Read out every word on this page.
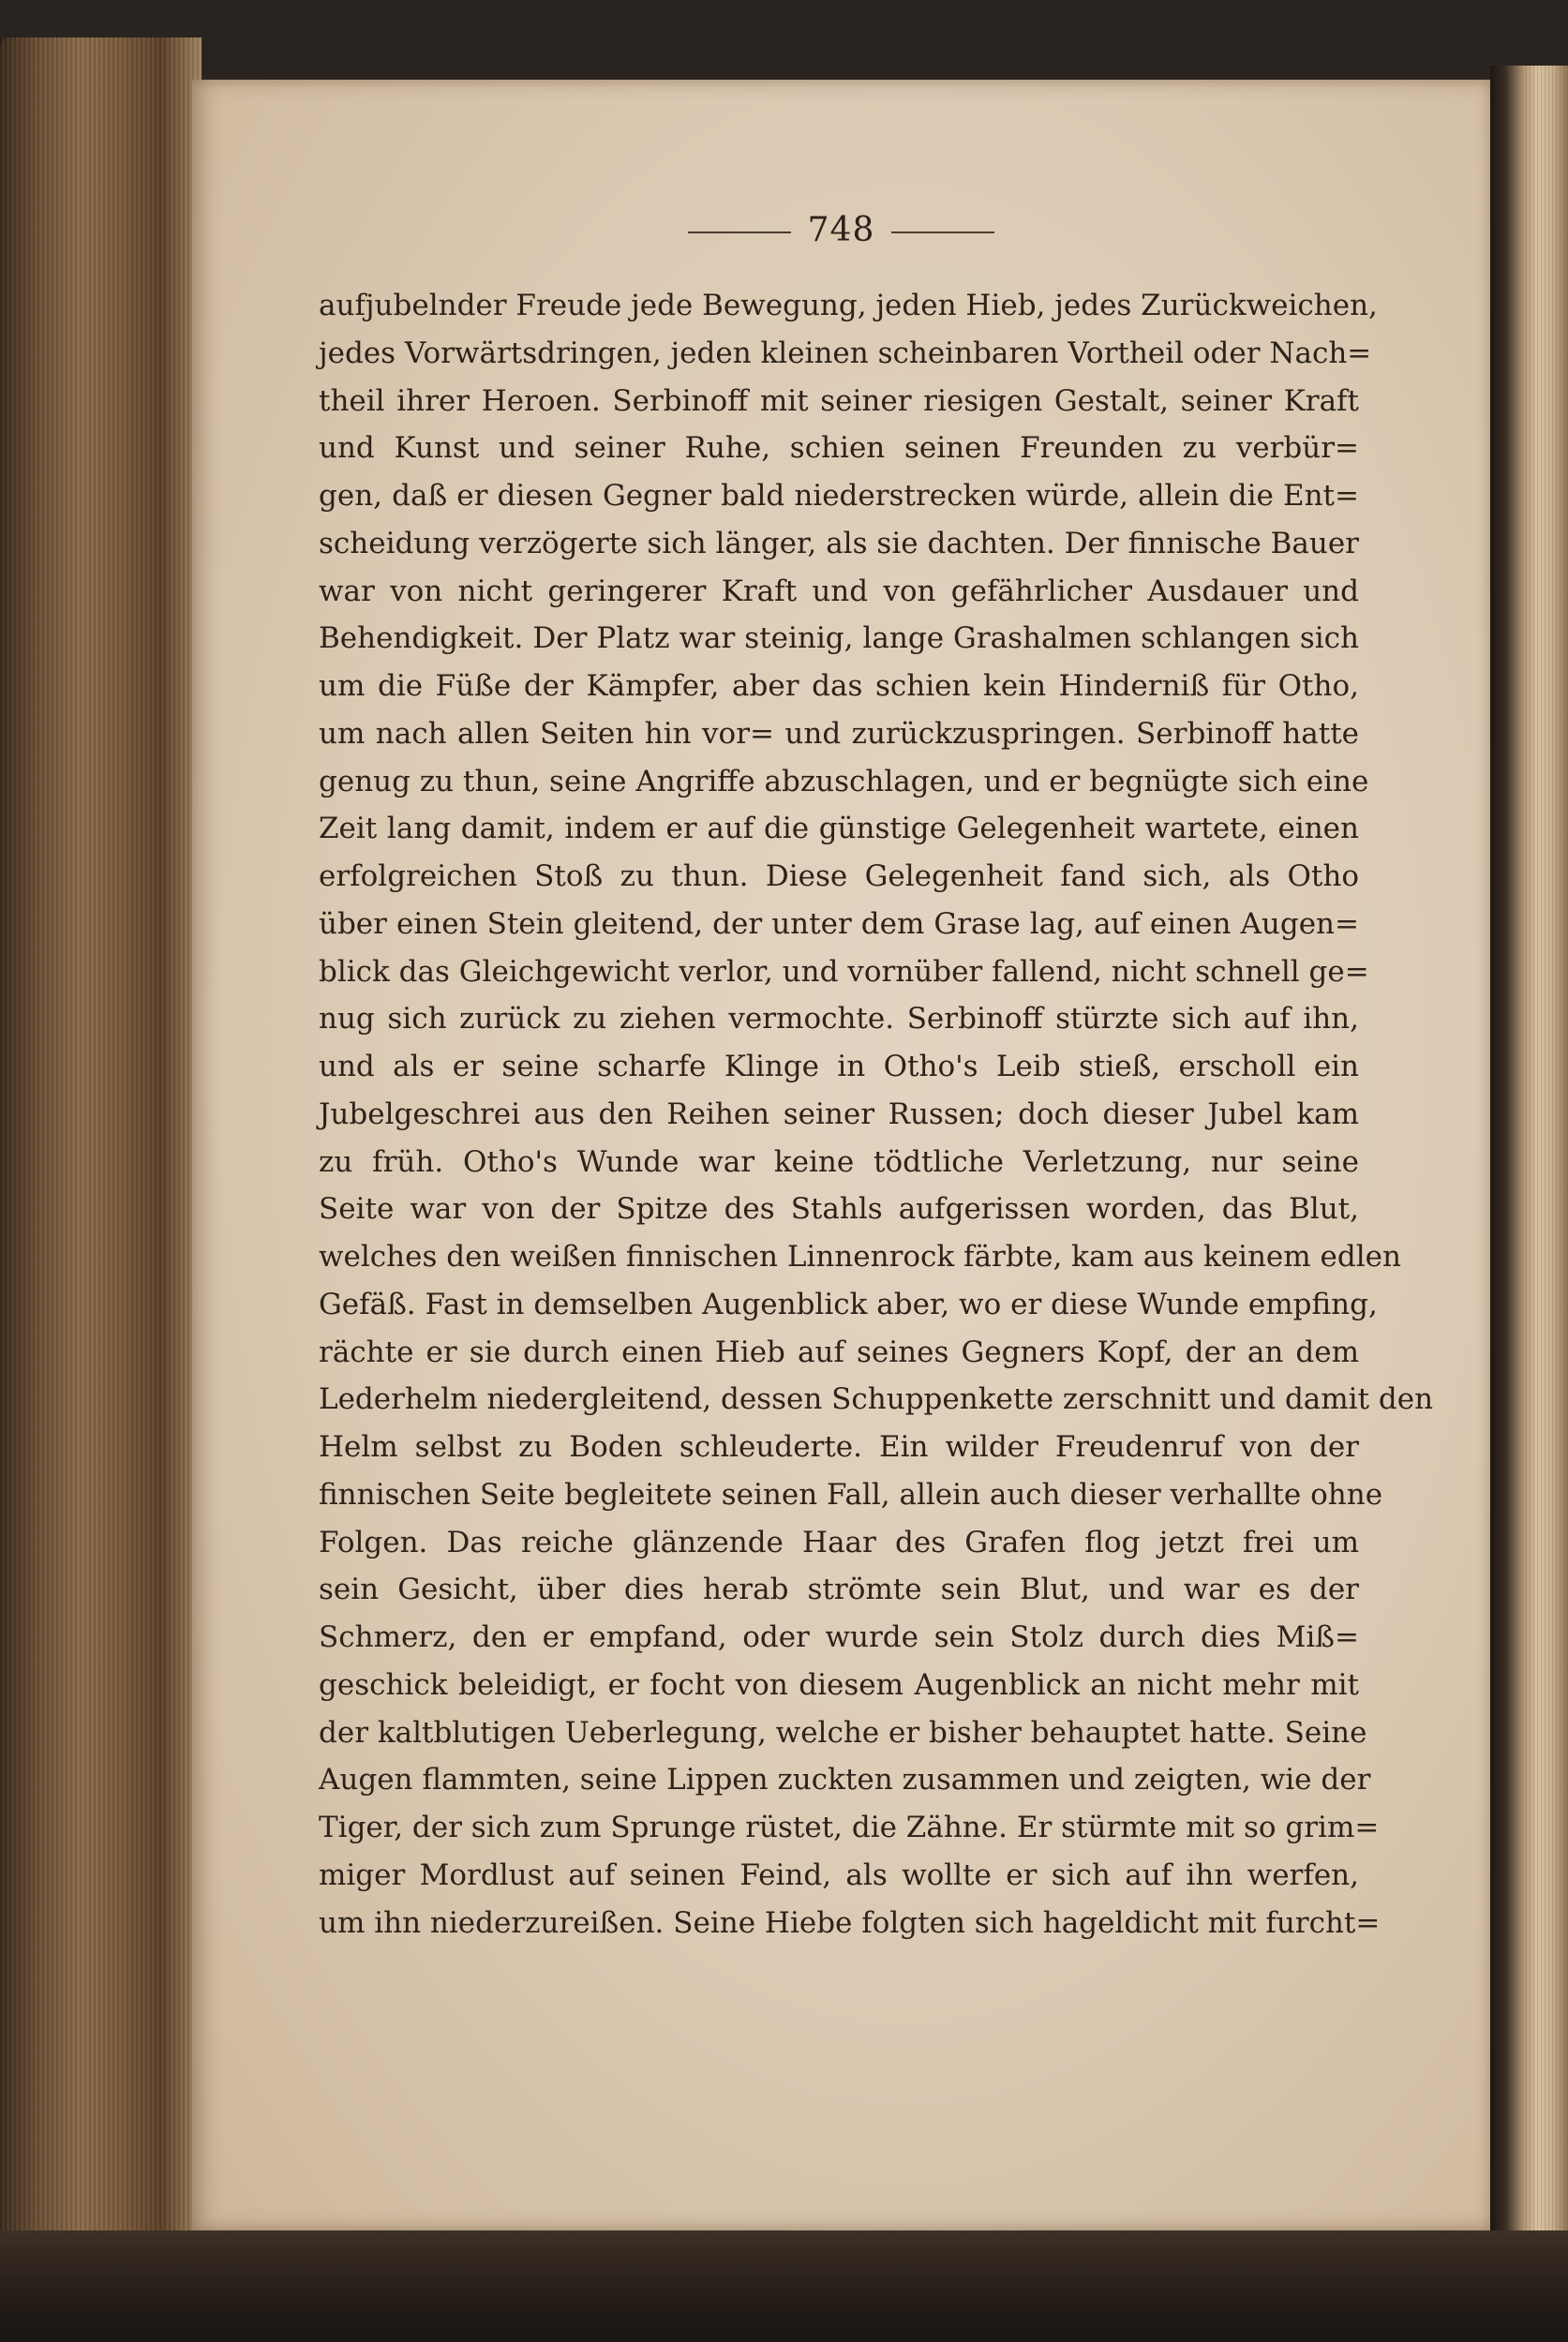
748
aufjubelnder Freude jede Bewegung, jeden Hieb, jedes Zurückweichen,
jedes Vorwärtsdringen, jeden kleinen scheinbaren Vortheil oder Nach=
theil ihrer Heroen. Serbinoff mit seiner riesigen Gestalt, seiner Kraft
und Kunst und seiner Ruhe, schien seinen Freunden zu verbür=
gen, daß er diesen Gegner bald niederstrecken würde, allein die Ent=
scheidung verzögerte sich länger, als sie dachten. Der finnische Bauer
war von nicht geringerer Kraft und von gefährlicher Ausdauer und
Behendigkeit. Der Platz war steinig, lange Grashalmen schlangen sich
um die Füße der Kämpfer, aber das schien kein Hinderniß für Otho,
um nach allen Seiten hin vor= und zurückzuspringen. Serbinoff hatte
genug zu thun, seine Angriffe abzuschlagen, und er begnügte sich eine
Zeit lang damit, indem er auf die günstige Gelegenheit wartete, einen
erfolgreichen Stoß zu thun. Diese Gelegenheit fand sich, als Otho
über einen Stein gleitend, der unter dem Grase lag, auf einen Augen=
blick das Gleichgewicht verlor, und vornüber fallend, nicht schnell ge=
nug sich zurück zu ziehen vermochte. Serbinoff stürzte sich auf ihn,
und als er seine scharfe Klinge in Otho's Leib stieß, erscholl ein
Jubelgeschrei aus den Reihen seiner Russen; doch dieser Jubel kam
zu früh. Otho's Wunde war keine tödtliche Verletzung, nur seine
Seite war von der Spitze des Stahls aufgerissen worden, das Blut,
welches den weißen finnischen Linnenrock färbte, kam aus keinem edlen
Gefäß. Fast in demselben Augenblick aber, wo er diese Wunde empfing,
rächte er sie durch einen Hieb auf seines Gegners Kopf, der an dem
Lederhelm niedergleitend, dessen Schuppenkette zerschnitt und damit den
Helm selbst zu Boden schleuderte. Ein wilder Freudenruf von der
finnischen Seite begleitete seinen Fall, allein auch dieser verhallte ohne
Folgen. Das reiche glänzende Haar des Grafen flog jetzt frei um
sein Gesicht, über dies herab strömte sein Blut, und war es der
Schmerz, den er empfand, oder wurde sein Stolz durch dies Miß=
geschick beleidigt, er focht von diesem Augenblick an nicht mehr mit
der kaltblutigen Ueberlegung, welche er bisher behauptet hatte. Seine
Augen flammten, seine Lippen zuckten zusammen und zeigten, wie der
Tiger, der sich zum Sprunge rüstet, die Zähne. Er stürmte mit so grim=
miger Mordlust auf seinen Feind, als wollte er sich auf ihn werfen,
um ihn niederzureißen. Seine Hiebe folgten sich hageldicht mit furcht=
